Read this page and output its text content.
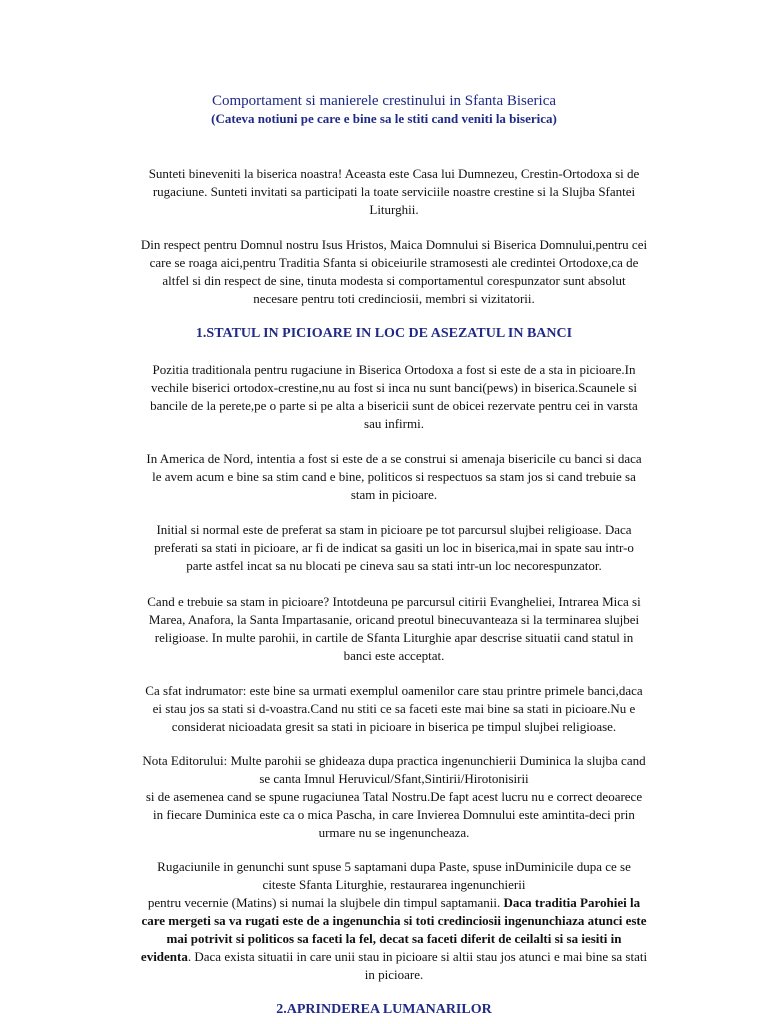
Comportament si manierele crestinului in Sfanta Biserica
(Cateva notiuni pe care e bine sa le stiti cand veniti la biserica)
Sunteti bineveniti la biserica noastra! Aceasta este Casa lui Dumnezeu, Crestin-Ortodoxa si de
rugaciune. Sunteti invitati sa participati la toate serviciile noastre crestine si la Slujba Sfantei
Liturghii.
Din respect pentru Domnul nostru Isus Hristos, Maica Domnului si Biserica Domnului,pentru cei
care se roaga aici,pentru Traditia Sfanta si obiceiurile stramosesti ale credintei Ortodoxe,ca de
altfel si din respect de sine, tinuta modesta si comportamentul corespunzator sunt absolut
necesare pentru toti credinciosii, membri si vizitatorii.
1.STATUL IN PICIOARE IN LOC DE ASEZATUL IN BANCI
Pozitia traditionala pentru rugaciune in Biserica Ortodoxa a fost si este de a sta in picioare.In
vechile biserici ortodox-crestine,nu au fost si inca nu sunt banci(pews) in biserica.Scaunele si
bancile de la perete,pe o parte si pe alta a bisericii sunt de obicei rezervate pentru cei in varsta
sau infirmi.
In America de Nord, intentia a fost si este de a se construi si amenaja bisericile cu banci si daca
le avem acum e bine sa stim cand e bine, politicos si respectuos sa stam jos si cand trebuie sa
stam in picioare.
Initial si normal este de preferat sa stam in picioare pe tot parcursul slujbei religioase. Daca
preferati sa stati in picioare, ar fi de indicat sa gasiti un loc in biserica,mai in spate sau intr-o
parte astfel incat sa nu blocati pe cineva sau sa stati intr-un loc necorespunzator.
Cand e trebuie sa stam in picioare? Intotdeuna pe parcursul citirii Evangheliei, Intrarea Mica si
Marea, Anafora, la Santa Impartasanie, oricand preotul binecuvanteaza si la terminarea slujbei
religioase. In multe parohii, in cartile de Sfanta Liturghie apar descrise situatii cand statul in
banci este acceptat.
Ca sfat indrumator: este bine sa urmati exemplul oamenilor care stau printre primele banci,daca
ei stau jos sa stati si d-voastra.Cand nu stiti ce sa faceti este mai bine sa stati in picioare.Nu e
considerat nicioadata gresit sa stati in picioare in biserica pe timpul slujbei religioase.
Nota Editorului: Multe parohii se ghideaza dupa practica ingenunchierii Duminica la slujba cand
se canta Imnul Heruvicul/Sfant,Sintirii/Hirotonisirii
si de asemenea cand se spune rugaciunea Tatal Nostru.De fapt acest lucru nu e correct deoarece
in fiecare Duminica este ca o mica Pascha, in care Invierea Domnului este amintita-deci prin
urmare nu se ingenuncheaza.
Rugaciunile in genunchi sunt spuse 5 saptamani dupa Paste, spuse inDuminicile dupa ce se
citeste Sfanta Liturghie, restaurarea ingenunchierii
pentru vecernie (Matins) si numai la slujbele din timpul saptamanii. Daca traditia Parohiei la
care mergeti sa va rugati este de a ingenunchia si toti credinciosii ingenunchiaza atunci este
mai potrivit si politicos sa faceti la fel, decat sa faceti diferit de ceilalti si sa iesiti in
evidenta. Daca exista situatii in care unii stau in picioare si altii stau jos atunci e mai bine sa stati
in picioare.
2.APRINDEREA LUMANARILOR
